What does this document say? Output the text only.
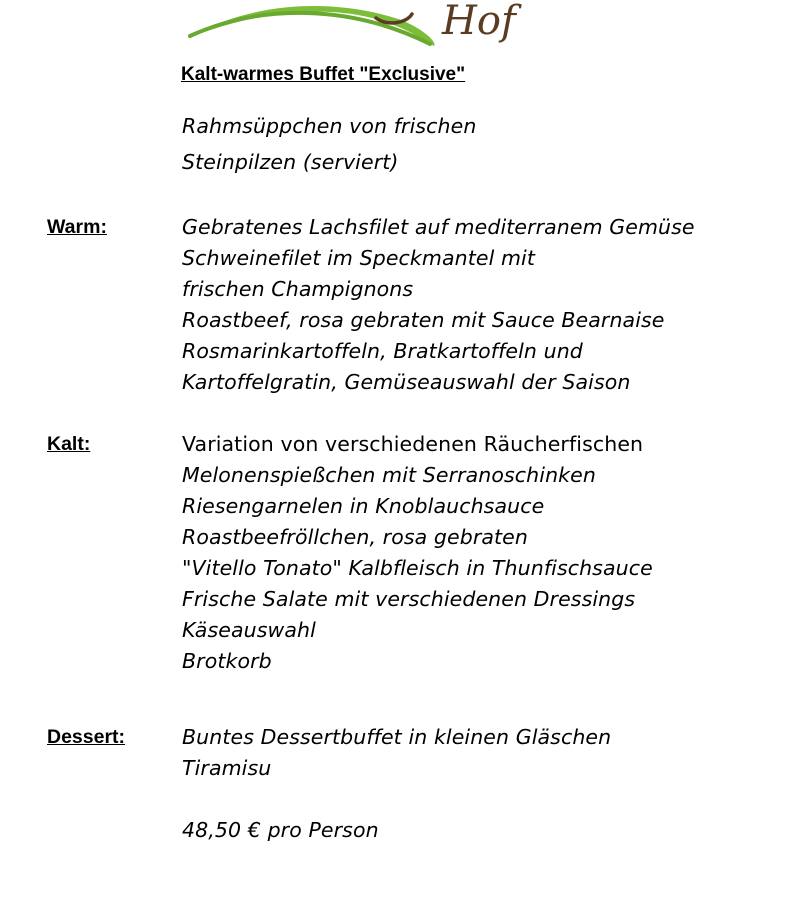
Hof
Kalt-warmes Buffet "Exclusive"
Rahmsüppchen von frischen
Steinpilzen (serviert)
Warm:	Gebratenes Lachsfilet auf mediterranem Gemüse
Schweinefilet im Speckmantel mit
frischen Champignons
Roastbeef, rosa gebraten mit Sauce Bearnaise
Rosmarinkartoffeln, Bratkartoffeln und
Kartoffelgratin, Gemüseauswahl der Saison
Kalt:	Variation von verschiedenen Räucherfischen
Melonenspießchen mit Serranoschinken
Riesengarnelen in Knoblauchsauce
Roastbeefröllchen, rosa gebraten
"Vitello Tonato" Kalbfleisch in Thunfischsauce
Frische Salate mit verschiedenen Dressings
Käseauswahl
Brotkorb
Dessert:	Buntes Dessertbuffet in kleinen Gläschen
Tiramisu
48,50 € pro Person
